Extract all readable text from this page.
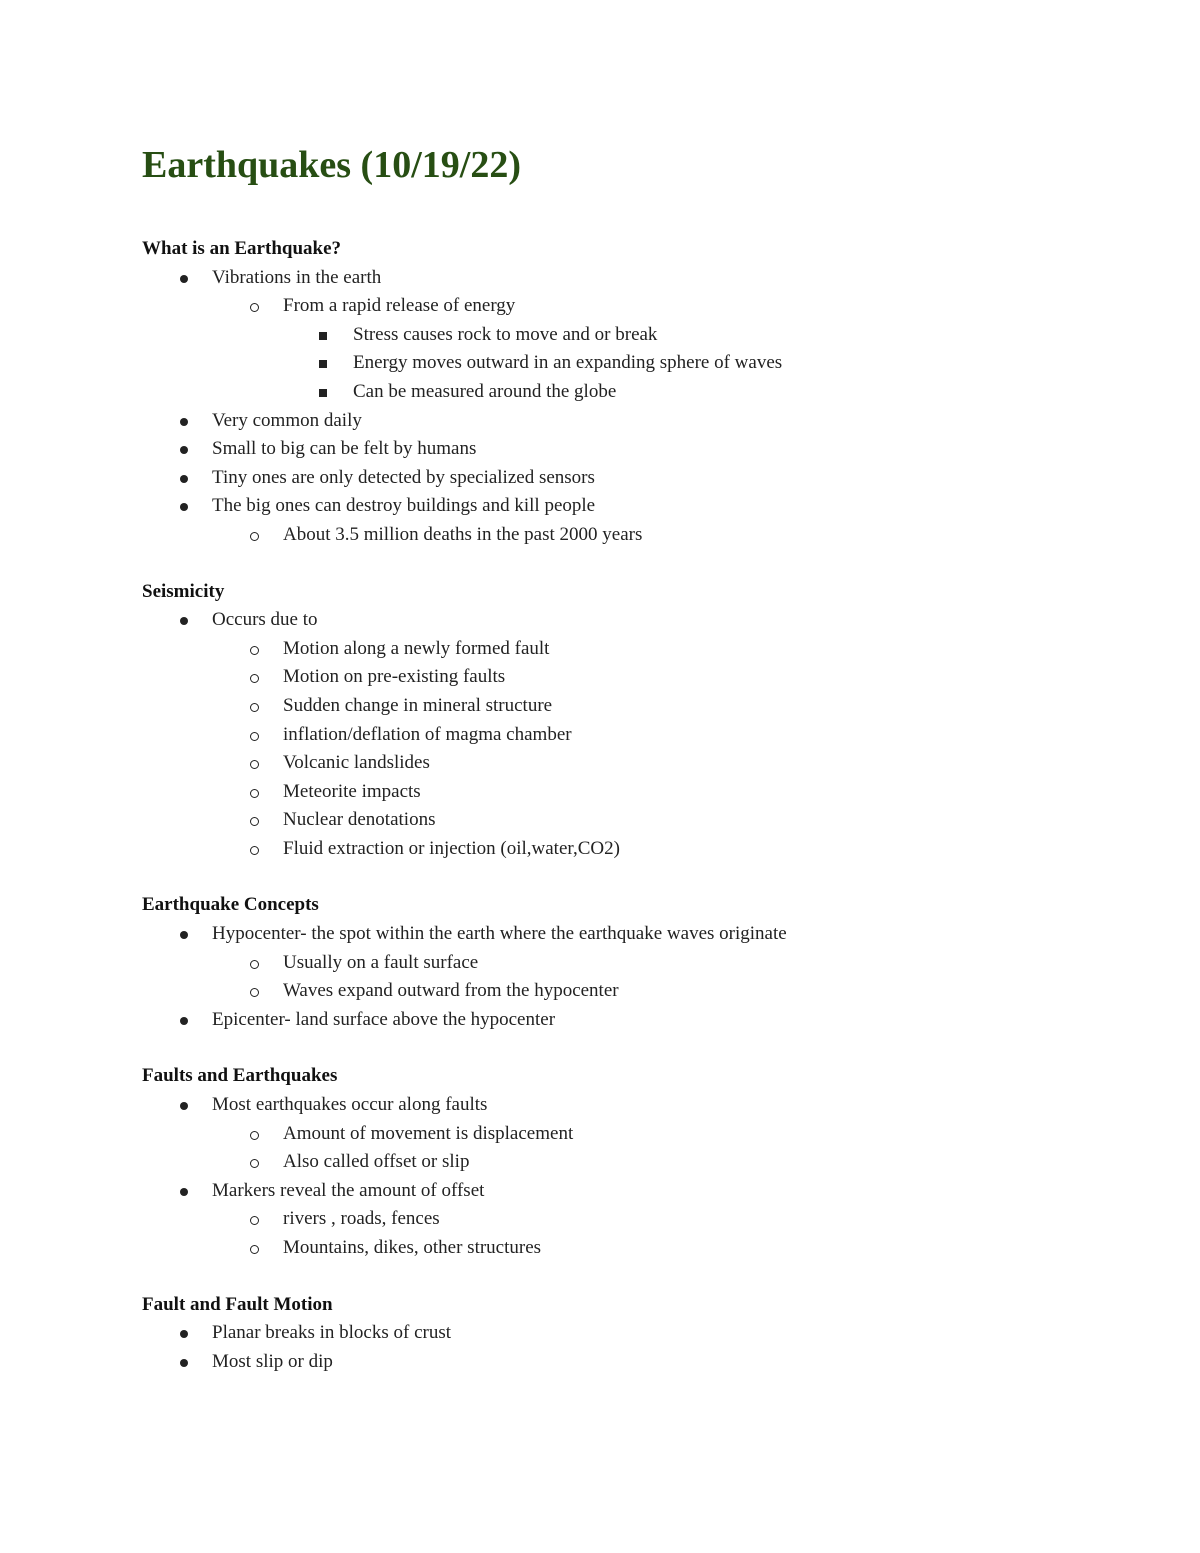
Earthquakes (10/19/22)
What is an Earthquake?
Vibrations in the earth
From a rapid release of energy
Stress causes rock to move and or break
Energy moves outward in an expanding sphere of waves
Can be measured around the globe
Very common daily
Small to big can be felt by humans
Tiny ones are only detected by specialized sensors
The big ones can destroy buildings and kill people
About 3.5 million deaths in the past 2000 years
Seismicity
Occurs due to
Motion along a newly formed fault
Motion on pre-existing faults
Sudden change in mineral structure
inflation/deflation of magma chamber
Volcanic landslides
Meteorite impacts
Nuclear denotations
Fluid extraction or injection (oil,water,CO2)
Earthquake Concepts
Hypocenter- the spot within the earth where the earthquake waves originate
Usually on a fault surface
Waves expand outward from the hypocenter
Epicenter- land surface above the hypocenter
Faults and Earthquakes
Most earthquakes occur along faults
Amount of movement is displacement
Also called offset or slip
Markers reveal the amount of offset
rivers , roads, fences
Mountains, dikes, other structures
Fault and Fault Motion
Planar breaks in blocks of crust
Most slip or dip
